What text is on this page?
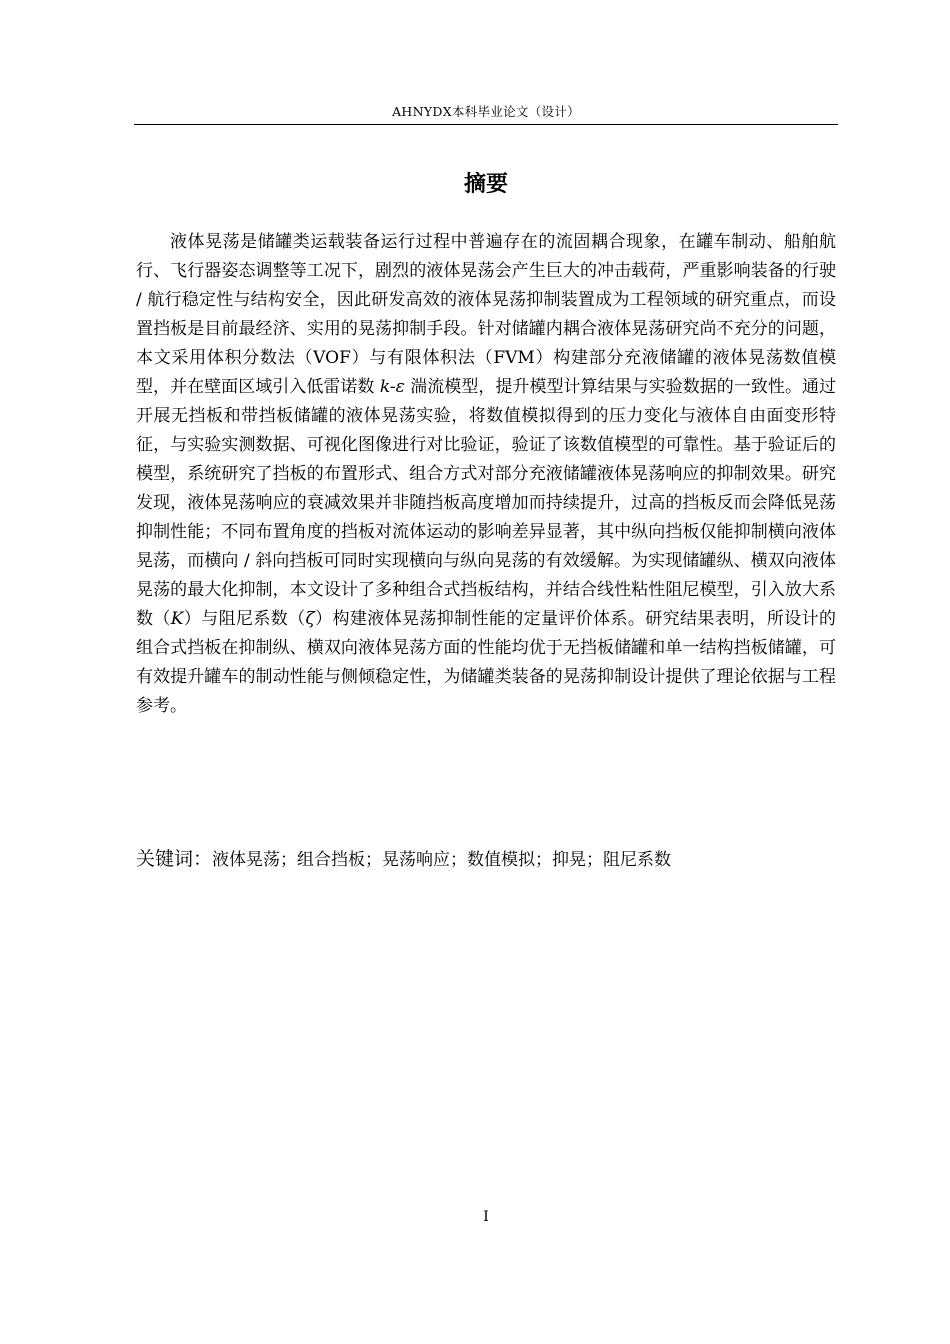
AHNYDX本科毕业论文（设计）
摘要

液体晃荡是储罐类运载装备运行过程中普遍存在的流固耦合现象，在罐车制动、船舶航行、飞行器姿态调整等工况下，剧烈的液体晃荡会产生巨大的冲击载荷，严重影响装备的行驶 / 航行稳定性与结构安全，因此研发高效的液体晃荡抑制装置成为工程领域的研究重点，而设置挡板是目前最经济、实用的晃荡抑制手段。针对储罐内耦合液体晃荡研究尚不充分的问题，本文采用体积分数法（VOF）与有限体积法（FVM）构建部分充液储罐的液体晃荡数值模型，并在壁面区域引入低雷诺数 k-ε 湍流模型，提升模型计算结果与实验数据的一致性。通过开展无挡板和带挡板储罐的液体晃荡实验，将数值模拟得到的压力变化与液体自由面变形特征，与实验实测数据、可视化图像进行对比验证，验证了该数值模型的可靠性。基于验证后的模型，系统研究了挡板的布置形式、组合方式对部分充液储罐液体晃荡响应的抑制效果。研究发现，液体晃荡响应的衰减效果并非随挡板高度增加而持续提升，过高的挡板反而会降低晃荡抑制性能；不同布置角度的挡板对流体运动的影响差异显著，其中纵向挡板仅能抑制横向液体晃荡，而横向 / 斜向挡板可同时实现横向与纵向晃荡的有效缓解。为实现储罐纵、横双向液体晃荡的最大化抑制，本文设计了多种组合式挡板结构，并结合线性粘性阻尼模型，引入放大系数（K）与阻尼系数（ζ）构建液体晃荡抑制性能的定量评价体系。研究结果表明，所设计的组合式挡板在抑制纵、横双向液体晃荡方面的性能均优于无挡板储罐和单一结构挡板储罐，可有效提升罐车的制动性能与侧倾稳定性，为储罐类装备的晃荡抑制设计提供了理论依据与工程参考。

关键词：液体晃荡；组合挡板；晃荡响应；数值模拟；抑晃；阻尼系数
I
